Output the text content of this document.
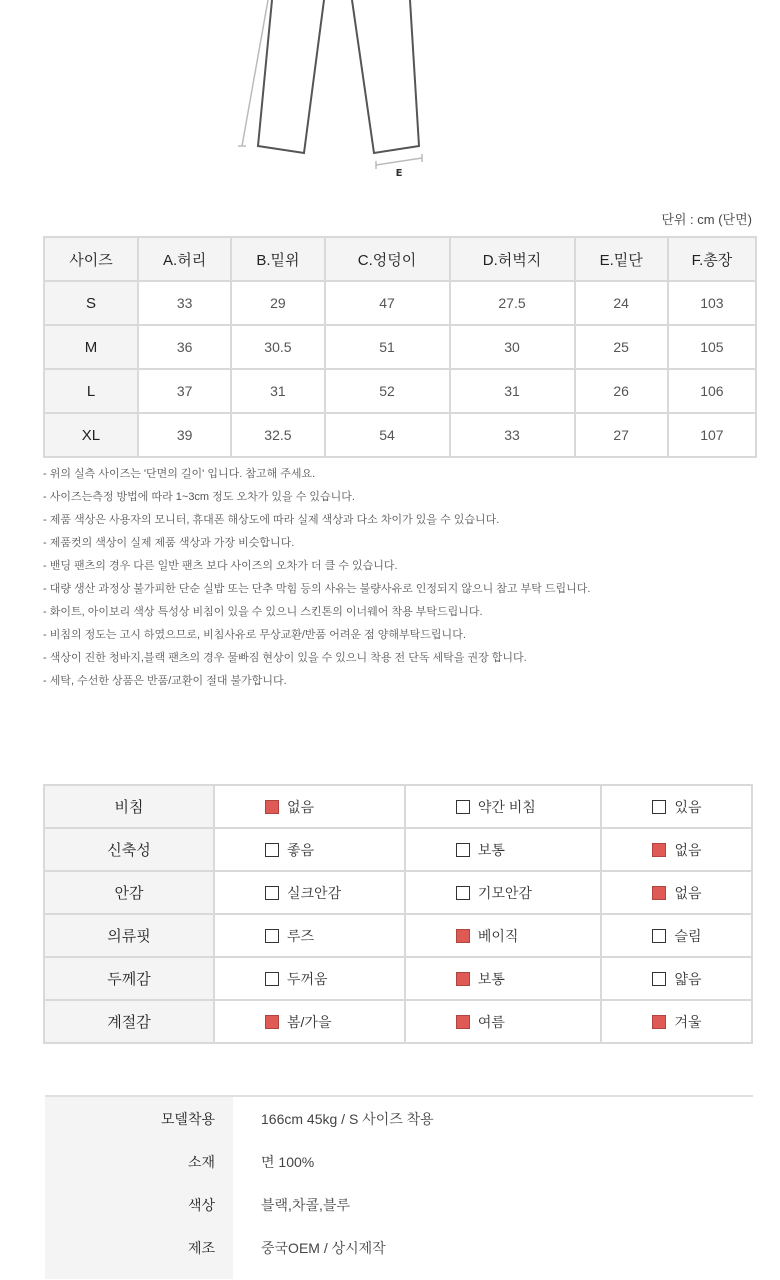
E
단위 : cm (단면)
사이즈	A.허리	B.밑위	C.엉덩이	D.허벅지	E.밑단	F.총장
S	33	29	47	27.5	24	103
M	36	30.5	51	30	25	105
L	37	31	52	31	26	106
XL	39	32.5	54	33	27	107
- 위의 실측 사이즈는 '단면의 길이' 입니다. 참고해 주세요.
- 사이즈는측정 방법에 따라 1~3cm 정도 오차가 있을 수 있습니다.
- 제품 색상은 사용자의 모니터, 휴대폰 해상도에 따라 실제 색상과 다소 차이가 있을 수 있습니다.
- 제품컷의 색상이 실제 제품 색상과 가장 비슷합니다.
- 밴딩 팬츠의 경우 다른 일반 팬츠 보다 사이즈의 오차가 더 클 수 있습니다.
- 대량 생산 과정상 불가피한 단순 실밥 또는 단추 막힘 등의 사유는 불량사유로 인정되지 않으니 참고 부탁 드립니다.
- 화이트, 아이보리 색상 특성상 비침이 있을 수 있으니 스킨톤의 이너웨어 착용 부탁드립니다.
- 비침의 정도는 고시 하였으므로, 비침사유로 무상교환/반품 어려운 점 양해부탁드립니다.
- 색상이 진한 청바지,블랙 팬츠의 경우 물빠짐 현상이 있을 수 있으니 착용 전 단독 세탁을 권장 합니다.
- 세탁, 수선한 상품은 반품/교환이 절대 불가합니다.
비침	없음	약간 비침	있음
신축성	좋음	보통	없음
안감	실크안감	기모안감	없음
의류핏	루즈	베이직	슬림
두께감	두꺼움	보통	얇음
계절감	봄/가을	여름	겨울
모델착용	166cm 45kg / S 사이즈 착용
소재	면 100%
색상	블랙,차콜,블루
제조	중국OEM / 상시제작
